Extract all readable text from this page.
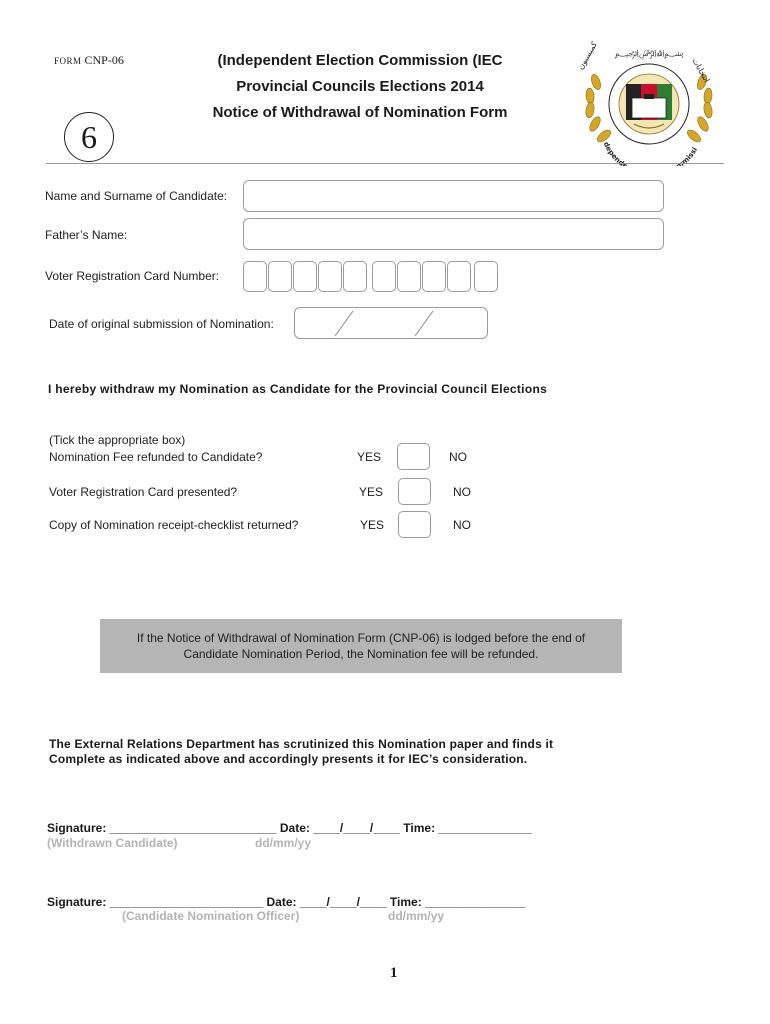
FORM CNP-06	(Independent Election Commission (IEC
Provincial Councils Elections 2014
Notice of Withdrawal of Nomination Form
6
﷽
کمیسیون	انتخابات
depende mmissi
Name and Surname of Candidate:
Father’s Name:
Voter Registration Card Number:
Date of original submission of Nomination:
I hereby withdraw my Nomination as Candidate for the Provincial Council Elections
(Tick the appropriate box)
Nomination Fee refunded to Candidate?	YES	NO
Voter Registration Card presented?	YES	NO
Copy of Nomination receipt-checklist returned?	YES	NO
If the Notice of Withdrawal of Nomination Form (CNP-06) is lodged before the end of
Candidate Nomination Period, the Nomination fee will be refunded.
The External Relations Department has scrutinized this Nomination paper and finds it
Complete as indicated above and accordingly presents it for IEC’s consideration.
Signature: _________________________ Date: ____/____/____ Time: ______________
(Withdrawn Candidate)	dd/mm/yy
Signature: _______________________ Date: ____/____/____ Time: _______________
(Candidate Nomination Officer)	dd/mm/yy
1
